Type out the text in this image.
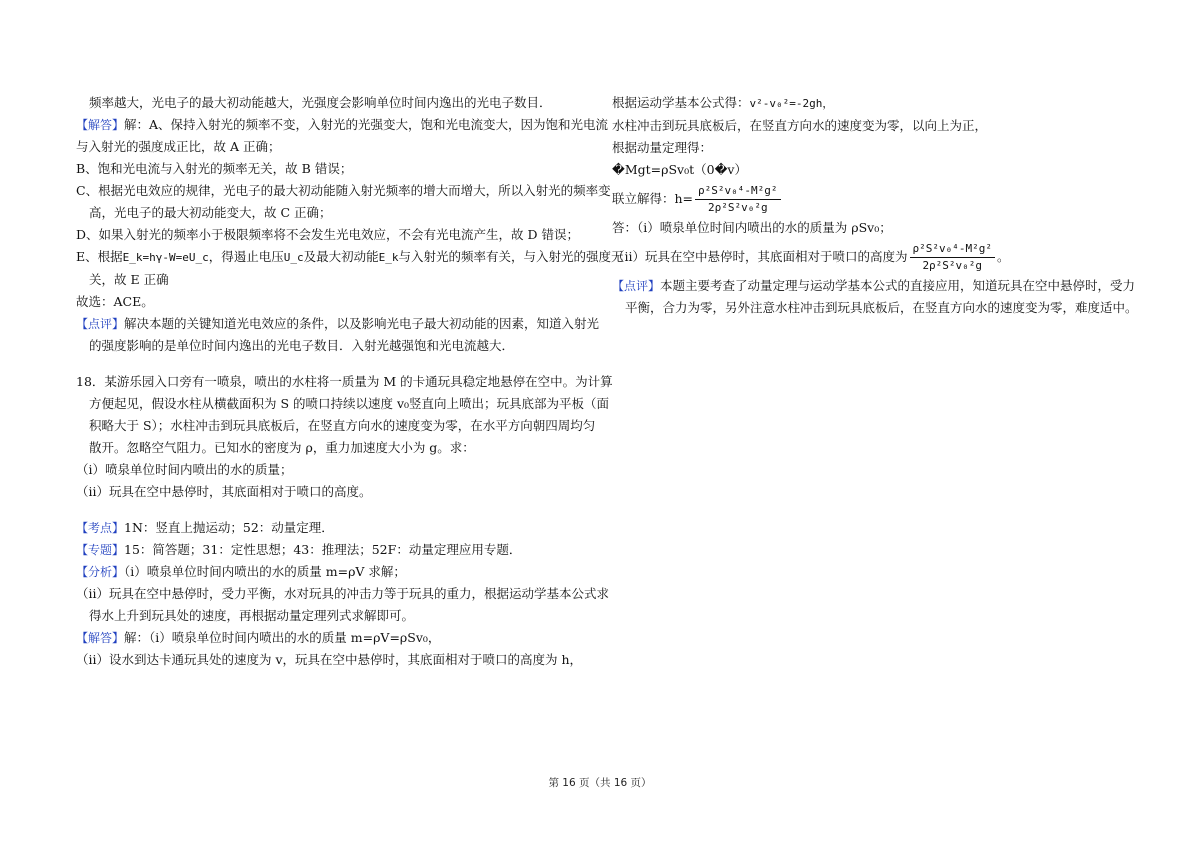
频率越大，光电子的最大初动能越大，光强度会影响单位时间内逸出的光电子数目．
【解答】解：A、保持入射光的频率不变，入射光的光强变大，饱和光电流变大，因为饱和光电流
与入射光的强度成正比，故 A 正确；
B、饱和光电流与入射光的频率无关，故 B 错误；
C、根据光电效应的规律，光电子的最大初动能随入射光频率的增大而增大，所以入射光的频率变
高，光电子的最大初动能变大，故 C 正确；
D、如果入射光的频率小于极限频率将不会发生光电效应，不会有光电流产生，故 D 错误；
E、根据E_k=hγ-W=eU_c，得遏止电压U_c及最大初动能E_k与入射光的频率有关，与入射光的强度无
关，故 E 正确
故选：ACE。
【点评】解决本题的关键知道光电效应的条件，以及影响光电子最大初动能的因素，知道入射光
的强度影响的是单位时间内逸出的光电子数目．入射光越强饱和光电流越大．
18．某游乐园入口旁有一喷泉，喷出的水柱将一质量为 M 的卡通玩具稳定地悬停在空中。为计算
方便起见，假设水柱从横截面积为 S 的喷口持续以速度 v₀竖直向上喷出；玩具底部为平板（面
积略大于 S）；水柱冲击到玩具底板后，在竖直方向水的速度变为零，在水平方向朝四周均匀
散开。忽略空气阻力。已知水的密度为 ρ，重力加速度大小为 g。求：
（i）喷泉单位时间内喷出的水的质量；
（ii）玩具在空中悬停时，其底面相对于喷口的高度。
【考点】1N：竖直上抛运动；52：动量定理．
【专题】15：简答题；31：定性思想；43：推理法；52F：动量定理应用专题．
【分析】（i）喷泉单位时间内喷出的水的质量 m=ρV 求解；
（ii）玩具在空中悬停时，受力平衡，水对玩具的冲击力等于玩具的重力，根据运动学基本公式求
得水上升到玩具处的速度，再根据动量定理列式求解即可。
【解答】解：（i）喷泉单位时间内喷出的水的质量 m=ρV=ρSv₀，
（ii）设水到达卡通玩具处的速度为 v，玩具在空中悬停时，其底面相对于喷口的高度为 h，
根据运动学基本公式得：v²-v₀²=-2gh，
水柱冲击到玩具底板后，在竖直方向水的速度变为零，以向上为正，
根据动量定理得：
�Mgt=ρSv₀t（0�v）
联立解得：$h= \frac{\text{ρ²S²v₀⁴-M²g²}}{\text{2ρ²S²v₀²g}}$
答：（i）喷泉单位时间内喷出的水的质量为 ρSv₀；
（ii）玩具在空中悬停时，其底面相对于喷口的高度为 $\frac{\text{ρ²S²v₀⁴-M²g²}}{\text{2ρ²S²v₀²g}}$ 。
【点评】本题主要考查了动量定理与运动学基本公式的直接应用，知道玩具在空中悬停时，受力
平衡，合力为零，另外注意水柱冲击到玩具底板后，在竖直方向水的速度变为零，难度适中。
第 16 页（共 16 页）
